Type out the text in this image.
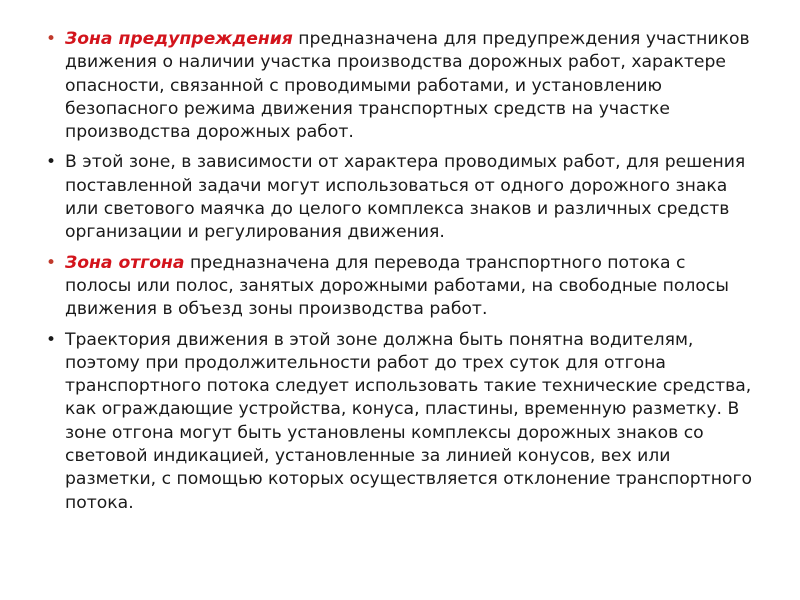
• Зона предупреждения предназначена для предупреждения участников движения о наличии участка производства дорожных работ, характере опасности, связанной с проводимыми работами, и установлению безопасного режима движения транспортных средств на участке производства дорожных работ.
• В этой зоне, в зависимости от характера проводимых работ, для решения поставленной задачи могут использоваться от одного дорожного знака или светового маячка до целого комплекса знаков и различных средств организации и регулирования движения.
• Зона отгона предназначена для перевода транспортного потока с полосы или полос, занятых дорожными работами, на свободные полосы движения в объезд зоны производства работ.
• Траектория движения в этой зоне должна быть понятна водителям, поэтому при продолжительности работ до трех суток для отгона транспортного потока следует использовать такие технические средства, как ограждающие устройства, конуса, пластины, временную разметку. В зоне отгона могут быть установлены комплексы дорожных знаков со световой индикацией, установленные за линией конусов, вех или разметки, с помощью которых осуществляется отклонение транспортного потока.
